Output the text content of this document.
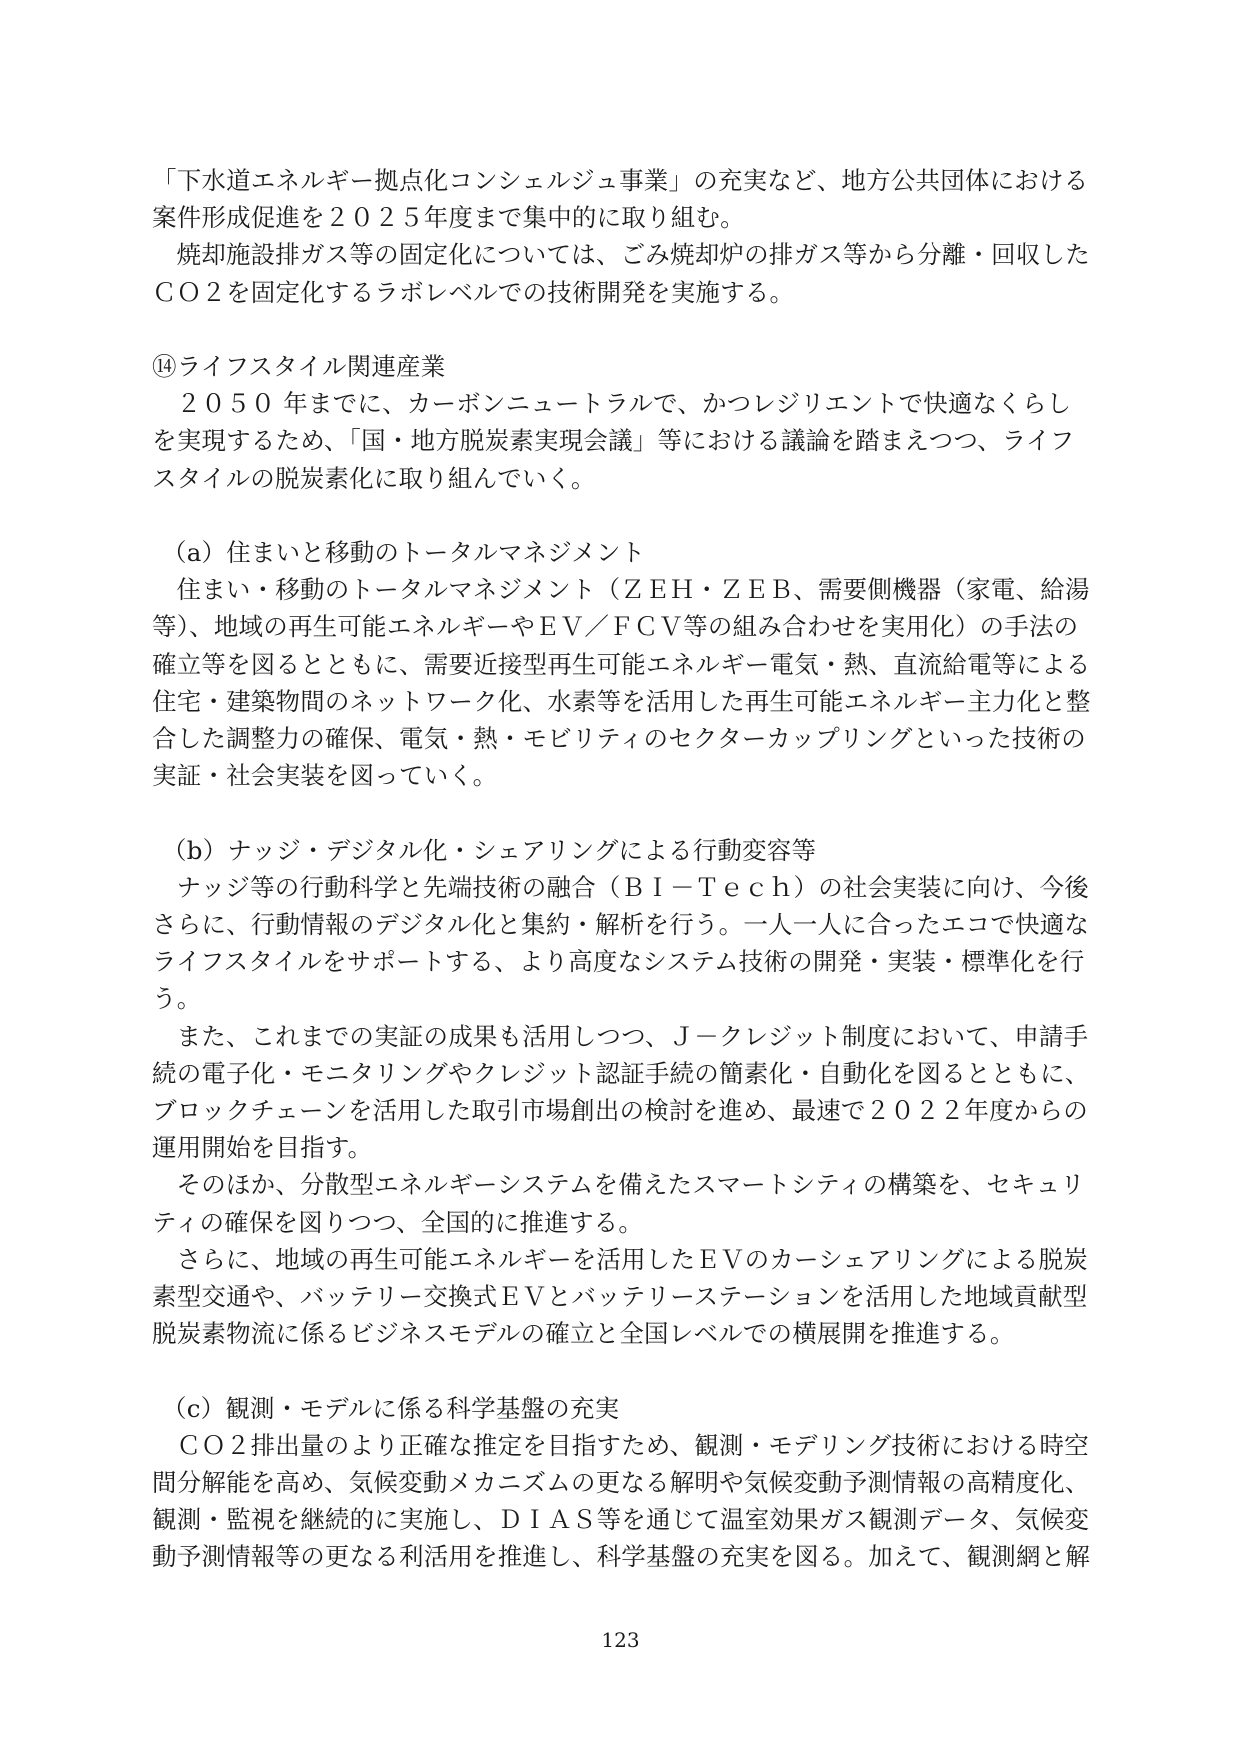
「下水道エネルギー拠点化コンシェルジュ事業」の充実など、地方公共団体における案件形成促進を２０２５年度まで集中的に取り組む。

焼却施設排ガス等の固定化については、ごみ焼却炉の排ガス等から分離・回収したＣＯ２を固定化するラボレベルでの技術開発を実施する。

⑭ライフスタイル関連産業

２０５０ 年までに、カーボンニュートラルで、かつレジリエントで快適なくらしを実現するため、「国・地方脱炭素実現会議」等における議論を踏まえつつ、ライフスタイルの脱炭素化に取り組んでいく。

（a）住まいと移動のトータルマネジメント

住まい・移動のトータルマネジメント（ＺＥＨ・ＺＥＢ、需要側機器（家電、給湯等）、地域の再生可能エネルギーやＥＶ／ＦＣＶ等の組み合わせを実用化）の手法の確立等を図るとともに、需要近接型再生可能エネルギー電気・熱、直流給電等による住宅・建築物間のネットワーク化、水素等を活用した再生可能エネルギー主力化と整合した調整力の確保、電気・熱・モビリティのセクターカップリングといった技術の実証・社会実装を図っていく。

（b）ナッジ・デジタル化・シェアリングによる行動変容等

ナッジ等の行動科学と先端技術の融合（ＢＩ－Ｔｅｃｈ）の社会実装に向け、今後さらに、行動情報のデジタル化と集約・解析を行う。一人一人に合ったエコで快適なライフスタイルをサポートする、より高度なシステム技術の開発・実装・標準化を行う。

また、これまでの実証の成果も活用しつつ、Ｊ－クレジット制度において、申請手続の電子化・モニタリングやクレジット認証手続の簡素化・自動化を図るとともに、ブロックチェーンを活用した取引市場創出の検討を進め、最速で２０２２年度からの運用開始を目指す。

そのほか、分散型エネルギーシステムを備えたスマートシティの構築を、セキュリティの確保を図りつつ、全国的に推進する。

さらに、地域の再生可能エネルギーを活用したＥＶのカーシェアリングによる脱炭素型交通や、バッテリー交換式ＥＶとバッテリーステーションを活用した地域貢献型脱炭素物流に係るビジネスモデルの確立と全国レベルでの横展開を推進する。

（c）観測・モデルに係る科学基盤の充実

ＣＯ２排出量のより正確な推定を目指すため、観測・モデリング技術における時空間分解能を高め、気候変動メカニズムの更なる解明や気候変動予測情報の高精度化、観測・監視を継続的に実施し、ＤＩＡＳ等を通じて温室効果ガス観測データ、気候変動予測情報等の更なる利活用を推進し、科学基盤の充実を図る。加えて、観測網と解

123
